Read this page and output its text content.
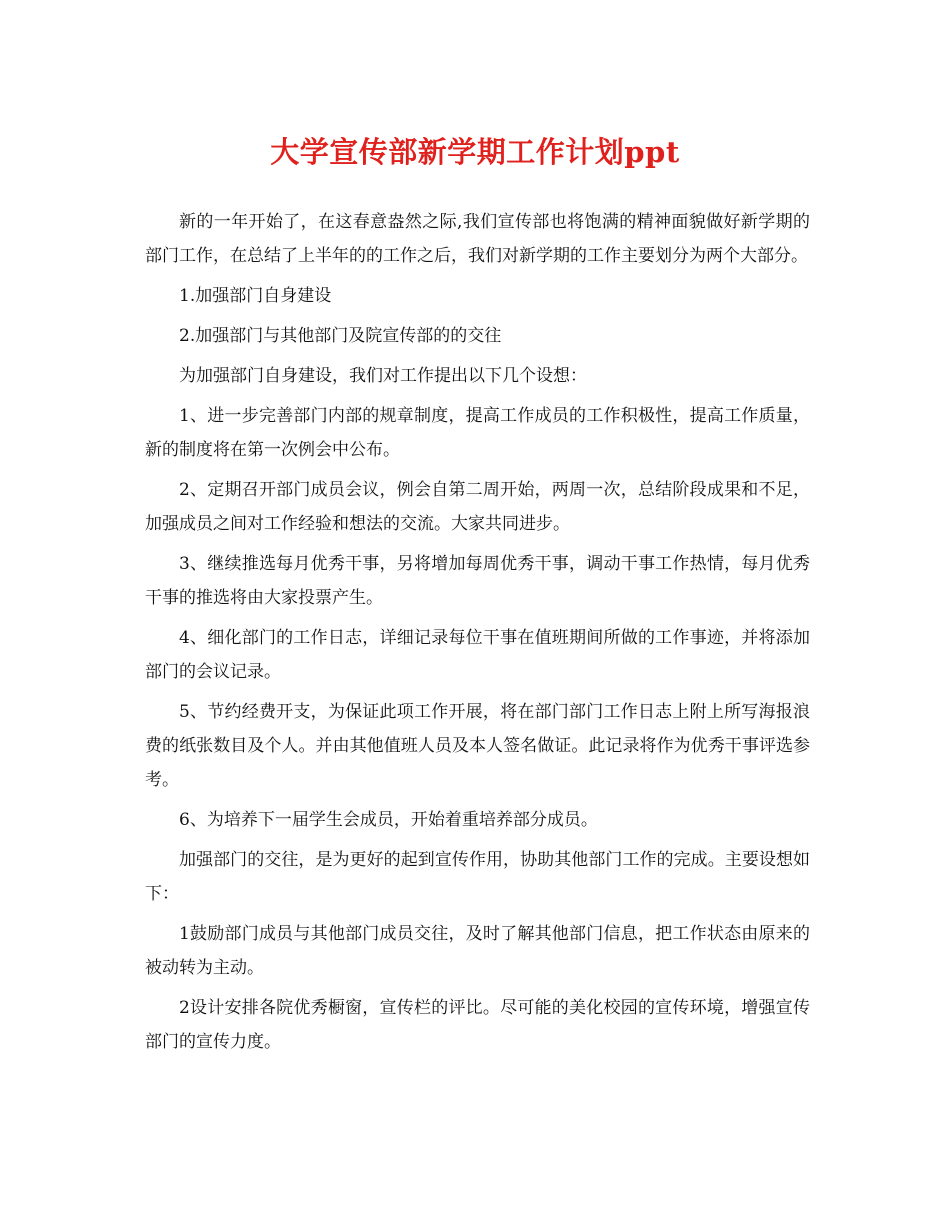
大学宣传部新学期工作计划ppt

新的一年开始了，在这春意盎然之际,我们宣传部也将饱满的精神面貌做好新学期的部门工作，在总结了上半年的的工作之后，我们对新学期的工作主要划分为两个大部分。

1.加强部门自身建设

2.加强部门与其他部门及院宣传部的的交往

为加强部门自身建设，我们对工作提出以下几个设想：

1、进一步完善部门内部的规章制度，提高工作成员的工作积极性，提高工作质量，新的制度将在第一次例会中公布。

2、定期召开部门成员会议，例会自第二周开始，两周一次，总结阶段成果和不足，加强成员之间对工作经验和想法的交流。大家共同进步。

3、继续推选每月优秀干事，另将增加每周优秀干事，调动干事工作热情，每月优秀干事的推选将由大家投票产生。

4、细化部门的工作日志，详细记录每位干事在值班期间所做的工作事迹，并将添加部门的会议记录。

5、节约经费开支，为保证此项工作开展，将在部门部门工作日志上附上所写海报浪费的纸张数目及个人。并由其他值班人员及本人签名做证。此记录将作为优秀干事评选参考。

6、为培养下一届学生会成员，开始着重培养部分成员。

加强部门的交往，是为更好的起到宣传作用，协助其他部门工作的完成。主要设想如下：

1鼓励部门成员与其他部门成员交往，及时了解其他部门信息，把工作状态由原来的被动转为主动。

2设计安排各院优秀橱窗，宣传栏的评比。尽可能的美化校园的宣传环境，增强宣传部门的宣传力度。
